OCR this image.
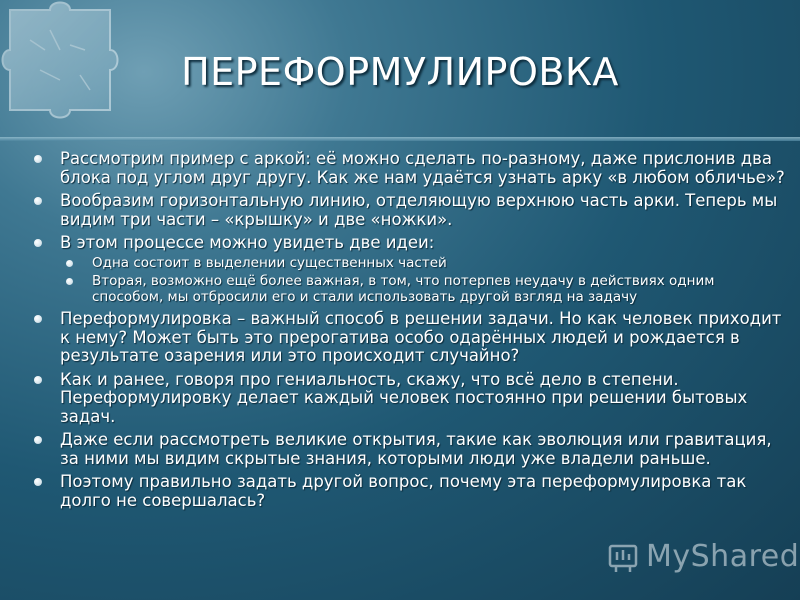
ПЕРЕФОРМУЛИРОВКА
Рассмотрим пример с аркой: её можно сделать по-разному, даже прислонив два блока под углом друг другу. Как же нам удаётся узнать арку «в любом обличье»?
Вообразим горизонтальную линию, отделяющую верхнюю часть арки. Теперь мы видим три части – «крышку» и две «ножки».
В этом процессе можно увидеть две идеи:
Одна состоит в выделении существенных частей
Вторая, возможно ещё более важная, в том, что потерпев неудачу в действиях одним способом, мы отбросили его и стали использовать другой взгляд на задачу
Переформулировка – важный способ в решении задачи. Но как человек приходит к нему? Может быть это прерогатива особо одарённых людей и рождается в результате озарения или это происходит случайно?
Как и ранее, говоря про гениальность, скажу, что всё дело в степени. Переформулировку делает каждый человек постоянно при решении бытовых задач.
Даже если рассмотреть великие открытия, такие как эволюция или гравитация, за ними мы видим скрытые знания, которыми люди уже владели раньше.
Поэтому правильно задать другой вопрос, почему эта переформулировка так долго не совершалась?
MyShared
